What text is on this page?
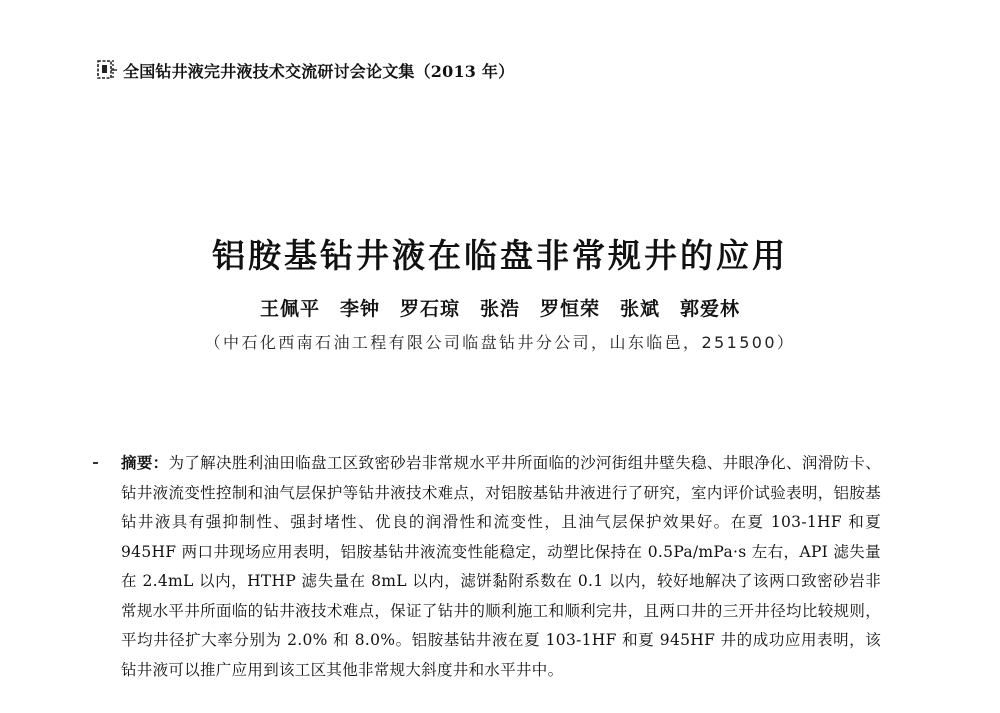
全国钻井液完井液技术交流研讨会论文集（2013 年）
铝胺基钻井液在临盘非常规井的应用
王佩平　李钟　罗石琼　张浩　罗恒荣　张斌　郭爱林
（中石化西南石油工程有限公司临盘钻井分公司，山东临邑，251500）
摘要：为了解决胜利油田临盘工区致密砂岩非常规水平井所面临的沙河街组井壁失稳、井眼净化、润滑防卡、钻井液流变性控制和油气层保护等钻井液技术难点，对铝胺基钻井液进行了研究，室内评价试验表明，铝胺基钻井液具有强抑制性、强封堵性、优良的润滑性和流变性，且油气层保护效果好。在夏 103-1HF 和夏 945HF 两口井现场应用表明，铝胺基钻井液流变性能稳定，动塑比保持在 0.5Pa/mPa·s 左右，API 滤失量在 2.4mL 以内，HTHP 滤失量在 8mL 以内，滤饼黏附系数在 0.1 以内，较好地解决了该两口致密砂岩非常规水平井所面临的钻井液技术难点，保证了钻井的顺利施工和顺利完井，且两口井的三开井径均比较规则，平均井径扩大率分别为 2.0% 和 8.0%。铝胺基钻井液在夏 103-1HF 和夏 945HF 井的成功应用表明，该钻井液可以推广应用到该工区其他非常规大斜度井和水平井中。
